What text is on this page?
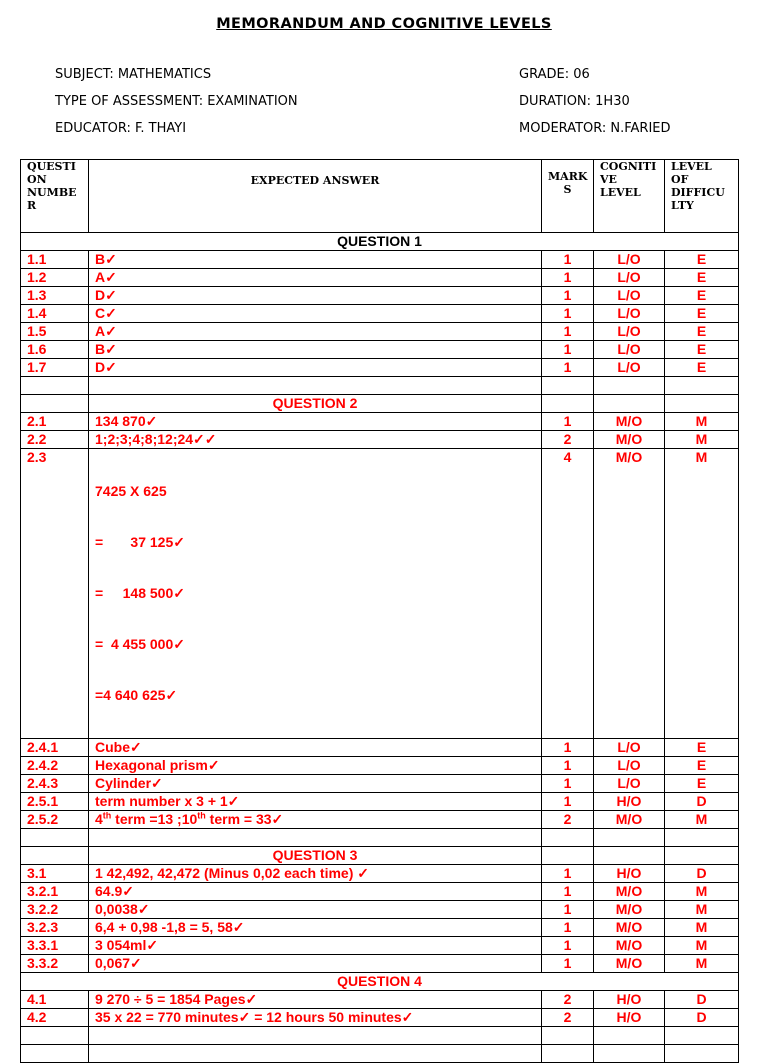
MEMORANDUM AND COGNITIVE LEVELS
SUBJECT: MATHEMATICS	GRADE: 06
TYPE OF ASSESSMENT: EXAMINATION	DURATION: 1H30
EDUCATOR: F. THAYI	MODERATOR: N.FARIED
QUESTI ON NUMBE R	EXPECTED ANSWER	MARK S	COGNITI VE LEVEL	LEVEL OF DIFFICU LTY
QUESTION 1				
1.1	B✓	1	L/O	E
1.2	A✓	1	L/O	E
1.3	D✓	1	L/O	E
1.4	C✓	1	L/O	E
1.5	A✓	1	L/O	E
1.6	B✓	1	L/O	E
1.7	D✓	1	L/O	E

	QUESTION 2			
2.1	134 870✓	1	M/O	M
2.2	1;2;3;4;8;12;24✓✓	2	M/O	M
2.3	7425 X 625

=       37 125✓

=     148 500✓

=  4 455 000✓

=4 640 625✓	4	M/O	M
2.4.1	Cube✓	1	L/O	E
2.4.2	Hexagonal prism✓	1	L/O	E
2.4.3	Cylinder✓	1	L/O	E
2.5.1	term number x 3 + 1✓	1	H/O	D
2.5.2	4th term =13 ;10th term = 33✓	2	M/O	M

	QUESTION 3			
3.1	1 42,492, 42,472 (Minus 0,02 each time) ✓	1	H/O	D
3.2.1	64.9✓	1	M/O	M
3.2.2	0,0038✓	1	M/O	M
3.2.3	6,4 + 0,98 -1,8 = 5, 58✓	1	M/O	M
3.3.1	3 054ml✓	1	M/O	M
3.3.2	0,067✓	1	M/O	M
QUESTION 4				
4.1	9 270 ÷ 5 = 1854 Pages✓	2	H/O	D
4.2	35 x 22 = 770 minutes✓ = 12 hours 50 minutes✓	2	H/O	D
